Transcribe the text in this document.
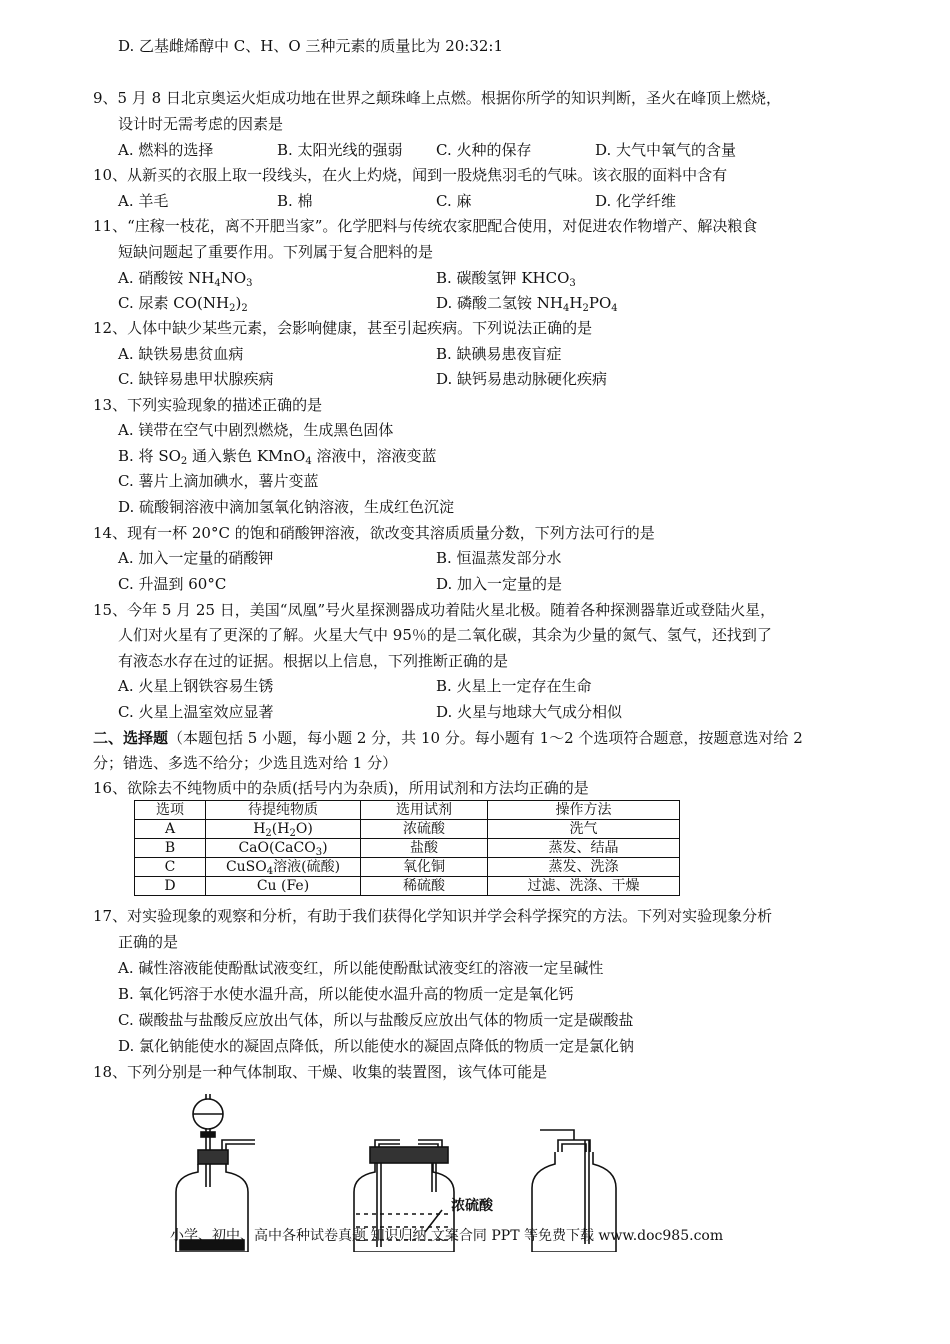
D. 乙基雌烯醇中 C、H、O 三种元素的质量比为 20:32:1
9、5 月 8 日北京奥运火炬成功地在世界之颠珠峰上点燃。根据你所学的知识判断，圣火在峰顶上燃烧，
设计时无需考虑的因素是
A. 燃料的选择	B. 太阳光线的强弱 C. 火种的保存	D. 大气中氧气的含量
10、从新买的衣服上取一段线头，在火上灼烧，闻到一股烧焦羽毛的气味。该衣服的面料中含有
A. 羊毛	B. 棉	C. 麻	D. 化学纤维
11、“庄稼一枝花，离不开肥当家”。化学肥料与传统农家肥配合使用，对促进农作物增产、解决粮食
短缺问题起了重要作用。下列属于复合肥料的是
A. 硝酸铵 $NH_4NO_3$	B. 碳酸氢钾 $KHCO_3$
C. 尿素 $CO(NH_2)_2$	D. 磷酸二氢铵 $NH_4H_2PO_4$
12、人体中缺少某些元素，会影响健康，甚至引起疾病。下列说法正确的是
A. 缺铁易患贫血病	B. 缺碘易患夜盲症
C. 缺锌易患甲状腺疾病	D. 缺钙易患动脉硬化疾病
13、下列实验现象的描述正确的是
A. 镁带在空气中剧烈燃烧，生成黑色固体
B. 将 $SO_2$ 通入紫色 KMnO$_4$ 溶液中，溶液变蓝
C. 薯片上滴加碘水，薯片变蓝
D. 硫酸铜溶液中滴加氢氧化钠溶液，生成红色沉淀
14、现有一杯 20°C 的饱和硝酸钾溶液，欲改变其溶质质量分数，下列方法可行的是
A. 加入一定量的硝酸钾	B. 恒温蒸发部分水
C. 升温到 60°C	D. 加入一定量的是
15、今年 5 月 25 日，美国“凤凰”号火星探测器成功着陆火星北极。随着各种探测器靠近或登陆火星，
人们对火星有了更深的了解。火星大气中 95％的是二氧化碳，其余为少量的氮气、氢气，还找到了
有液态水存在过的证据。根据以上信息，下列推断正确的是
A. 火星上钢铁容易生锈	B. 火星上一定存在生命
C. 火星上温室效应显著	D. 火星与地球大气成分相似
二、选择题（本题包括 5 小题，每小题 2 分，共 10 分。每小题有 1～2 个选项符合题意，按题意选对给 2
分；错选、多选不给分；少选且选对给 1 分）
16、欲除去不纯物质中的杂质(括号内为杂质)，所用试剂和方法均正确的是
选项	待提纯物质	选用试剂	操作方法
A	$H_2(H_2O)$	浓硫酸	洗气
B	CaO(CaCO$_3$)	盐酸	蒸发、结晶
C	CuSO$_4$溶液(硫酸)	氧化铜	蒸发、洗涤
D	Cu (Fe)	稀硫酸	过滤、洗涤、干燥
17、对实验现象的观察和分析，有助于我们获得化学知识并学会科学探究的方法。下列对实验现象分析
正确的是
A. 碱性溶液能使酚酞试液变红，所以能使酚酞试液变红的溶液一定呈碱性
B. 氧化钙溶于水使水温升高，所以能使水温升高的物质一定是氧化钙
C. 碳酸盐与盐酸反应放出气体，所以与盐酸反应放出气体的物质一定是碳酸盐
D. 氯化钠能使水的凝固点降低，所以能使水的凝固点降低的物质一定是氯化钠
18、下列分别是一种气体制取、干燥、收集的装置图，该气体可能是
浓硫酸
小学、初中、高中各种试卷真题 知识归纳 文案合同 PPT 等免费下载 www.doc985.com
